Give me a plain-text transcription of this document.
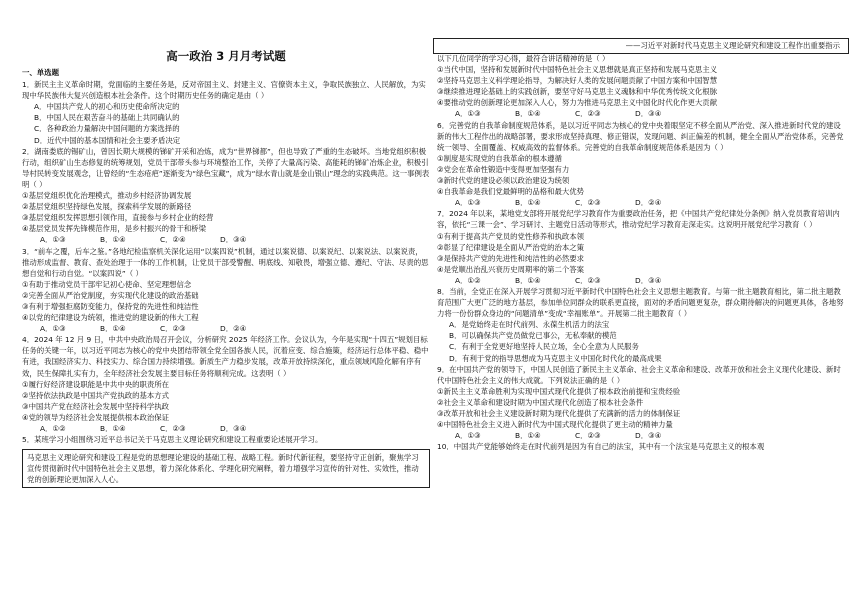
高一政治 3 月月考试题
一、单选题
1．新民主主义革命时期，党面临的主要任务是，反对帝国主义、封建主义、官僚资本主义，争取民族独立、人民解放，为实现中华民族伟大复兴创造根本社会条件。这个时期历史任务的确定是由（ ）
A．中国共产党人的初心和历史使命所决定的
B．中国人民在艰苦奋斗的基础上共同确认的
C．各种政治力量解决中国问题的方案选择的
D．近代中国的基本国情和社会主要矛盾决定
2．湖南娄底的锡矿山，曾因长期大规模的锑矿开采和冶炼，成为“世界锑都”，但也导致了严重的生态破坏。当地党组织积极行动，组织矿山生态修复的统筹规划，党员干部带头参与环境整治工作，关停了大量高污染、高能耗的锑矿冶炼企业，积极引导村民转变发展观念，让曾经的“生态疮疤”逐渐变为“绿色宝藏”，成为“绿水青山就是金山银山”理念的实践典范。这一事例表明（ ）
①基层党组织优化治理模式，推动乡村经济协调发展
②基层党组织坚持绿色发展，探索科学发展的新路径
③基层党组织发挥思想引领作用，直接参与乡村企业的经营
④基层党员发挥先锋模范作用，是乡村振兴的骨干和桥梁
A．①③	B．①④	C．②④	D．③④
3．“前车之覆，后车之鉴。”各地纪检监察机关深化运用“以案四说”机制，通过以案说德、以案说纪、以案说法、以案说责，推动形成监督、教育、查处治理于一体的工作机制，让党员干部受警醒、明底线、知敬畏，增强立德、遵纪、守法、尽责的思想自觉和行动自觉。“以案四说”（ ）
①有助于推动党员干部牢记初心使命、坚定理想信念
②完善全面从严治党制度，夯实现代化建设的政治基础
③有利于增强拒腐防变能力，保持党的先进性和纯洁性
④以党的纪律建设为统领，推进党的建设新的伟大工程
A．①③	B．①④	C．②③	D．②④
4．2024 年 12 月 9 日，中共中央政治局召开会议，分析研究 2025 年经济工作。会议认为，今年是实现“十四五”规划目标任务的关键一年，以习近平同志为核心的党中央团结带领全党全国各族人民，沉着应变、综合施策，经济运行总体平稳、稳中有进，我国经济实力、科技实力、综合国力持续增强。新质生产力稳步发展，改革开放持续深化，重点领域风险化解有序有效，民生保障扎实有力，全年经济社会发展主要目标任务将顺利完成。这表明（ ）
①履行好经济建设职能是中共中央的职责所在
②坚持依法执政是中国共产党执政的基本方式
③中国共产党在经济社会发展中坚持科学执政
④党的领导为经济社会发展提供根本政治保证
A．①②	B．①④	C．②③	D．③④
5．某班学习小组围绕习近平总书记关于马克思主义理论研究和建设工程重要论述展开学习。
马克思主义理论研究和建设工程是党的思想理论建设的基础工程、战略工程。新时代新征程，要坚持守正创新，聚焦学习宣传贯彻新时代中国特色社会主义思想，着力深化体系化、学理化研究阐释，着力增强学习宣传的针对性、实效性，推动党的创新理论更加深入人心。
——习近平对新时代马克思主义理论研究和建设工程作出重要指示
以下几位同学的学习心得，最符合讲话精神的是（ ）
①当代中国，坚持和发展新时代中国特色社会主义思想就是真正坚持和发展马克思主义
②坚持马克思主义科学理论指导，为解决好人类的发展问题贡献了中国方案和中国智慧
③继续推进理论基础上的实践创新，要坚守好马克思主义魂脉和中华优秀传统文化根脉
④要推动党的创新理论更加深入人心，努力为推进马克思主义中国化时代化作更大贡献
A．①③	B．①④	C．②③	D．③④
6．完善党的自我革命制度规范体系，是以习近平同志为核心的党中央着眼坚定不移全面从严治党、深入推进新时代党的建设新的伟大工程作出的战略部署，要求形成坚持真理、修正错误，发现问题、纠正偏差的机制，健全全面从严治党体系，完善党统一领导、全面覆盖、权威高效的监督体系。完善党的自我革命制度规范体系是因为（ ）
①制度是实现党的自我革命的根本遵循
②党会在革命性锻造中变得更加坚强有力
③新时代党的建设必须以政治建设为统领
④自我革命是我们党最鲜明的品格和最大优势
A．①③	B．①④	C．②③	D．②④
7．2024 年以来，某地党支部将开展党纪学习教育作为重要政治任务，把《中国共产党纪律处分条例》纳入党员教育培训内容，依托“三课一会”、学习研讨、主题党日活动等形式，推动党纪学习教育走深走实。这说明开展党纪学习教育（ ）
①有利于提高共产党员的党性修养和执政本领
②彰显了纪律建设是全面从严治党的治本之策
③是保持共产党的先进性和纯洁性的必然要求
④是党顺出治乱兴衰历史周期率的第二个答案
A．①②	B．①④	C．②③	D．③④
8．当前，全党正在深入开展学习贯彻习近平新时代中国特色社会主义思想主题教育。与第一批主题教育相比，第二批主题教育范围广大更广泛的地方基层，参加单位同群众的联系更直接，面对的矛盾问题更复杂，群众期待解决的问题更具体，各地努力将一份份群众身边的“问题清单”变成“幸福账单”。开展第二批主题教育（ ）
A．是党始终走在时代前列、永葆生机活力的法宝
B．可以确保共产党员做党已事公，无私奉献的模范
C．有利于全党更好地坚持人民立场，全心全意为人民服务
D．有利于党的指导思想成为马克思主义中国化时代化的最高成果
9．在中国共产党的领导下，中国人民创造了新民主主义革命、社会主义革命和建设、改革开放和社会主义现代化建设、新时代中国特色社会主义的伟大成就。下列说法正确的是（ ）
①新民主主义革命胜利为实现中国式现代化提供了根本政治前提和宝贵经验
②社会主义革命和建设时期为中国式现代化创造了根本社会条件
③改革开放和社会主义建设新时期为现代化提供了充满新的活力的体制保证
④中国特色社会主义进入新时代为中国式现代化提供了更主动的精神力量
A．①③	B．①④	C．②③	D．③④
10．中国共产党能够始终走在时代前列是因为有自己的法宝，其中有一个法宝是马克思主义的根本观
